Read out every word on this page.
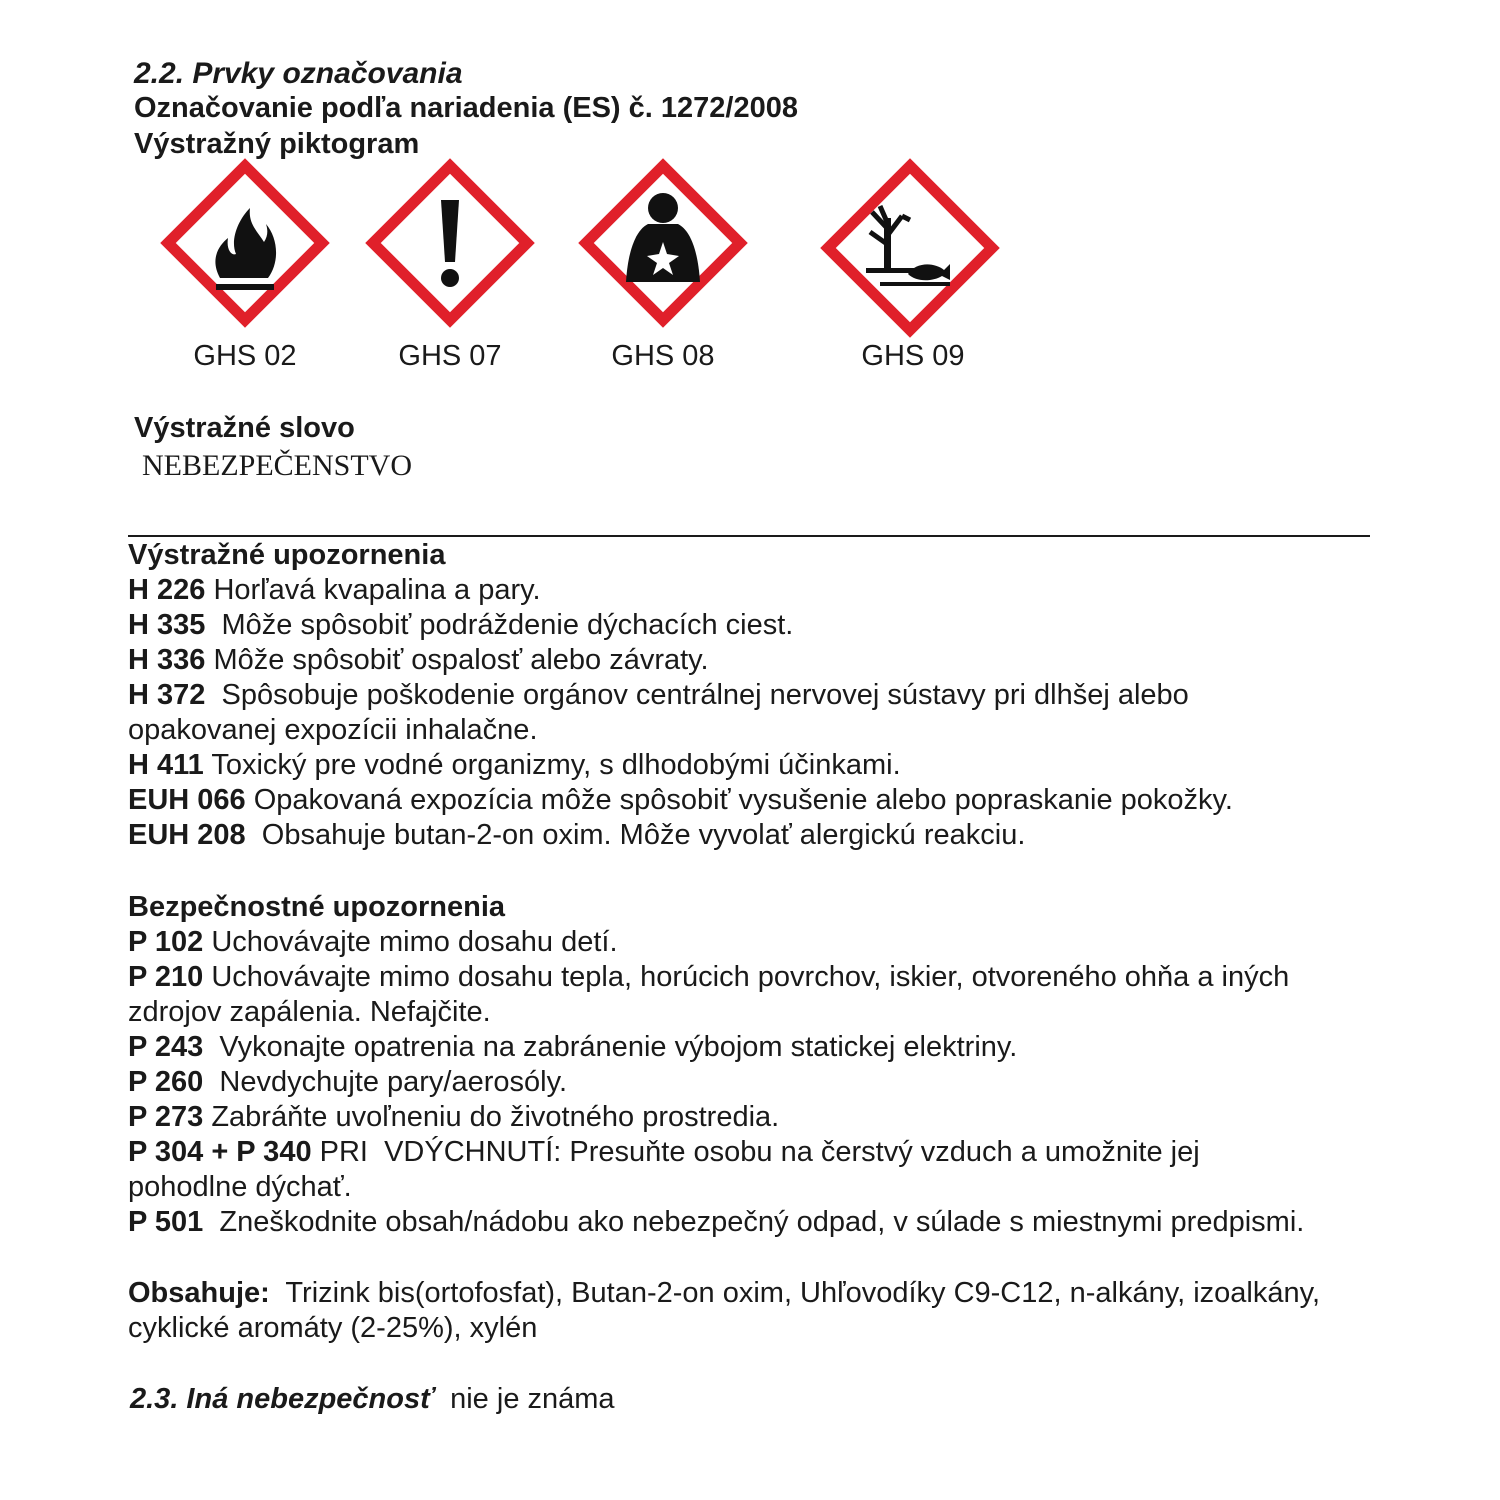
2.2. Prvky označovania
Označovanie podľa nariadenia (ES) č. 1272/2008
Výstražný piktogram
GHS 02	GHS 07	GHS 08	GHS 09
Výstražné slovo
NEBEZPEČENSTVO
Výstražné upozornenia
H 226 Horľavá kvapalina a pary.
H 335  Môže spôsobiť podráždenie dýchacích ciest.
H 336 Môže spôsobiť ospalosť alebo závraty.
H 372  Spôsobuje poškodenie orgánov centrálnej nervovej sústavy pri dlhšej alebo opakovanej expozícii inhalačne.
H 411 Toxický pre vodné organizmy, s dlhodobými účinkami.
EUH 066 Opakovaná expozícia môže spôsobiť vysušenie alebo popraskanie pokožky.
EUH 208  Obsahuje butan-2-on oxim. Môže vyvolať alergickú reakciu.
Bezpečnostné upozornenia
P 102 Uchovávajte mimo dosahu detí.
P 210 Uchovávajte mimo dosahu tepla, horúcich povrchov, iskier, otvoreného ohňa a iných zdrojov zapálenia. Nefajčite.
P 243  Vykonajte opatrenia na zabránenie výbojom statickej elektriny.
P 260  Nevdychujte pary/aerosóly.
P 273 Zabráňte uvoľneniu do životného prostredia.
P 304 + P 340 PRI  VDÝCHNUTÍ: Presuňte osobu na čerstvý vzduch a umožnite jej pohodlne dýchať.
P 501  Zneškodnite obsah/nádobu ako nebezpečný odpad, v súlade s miestnymi predpismi.
Obsahuje:  Trizink bis(ortofosfat), Butan-2-on oxim, Uhľovodíky C9-C12, n-alkány, izoalkány, cyklické aromáty (2-25%), xylén
2.3. Iná nebezpečnosť  nie je známa
